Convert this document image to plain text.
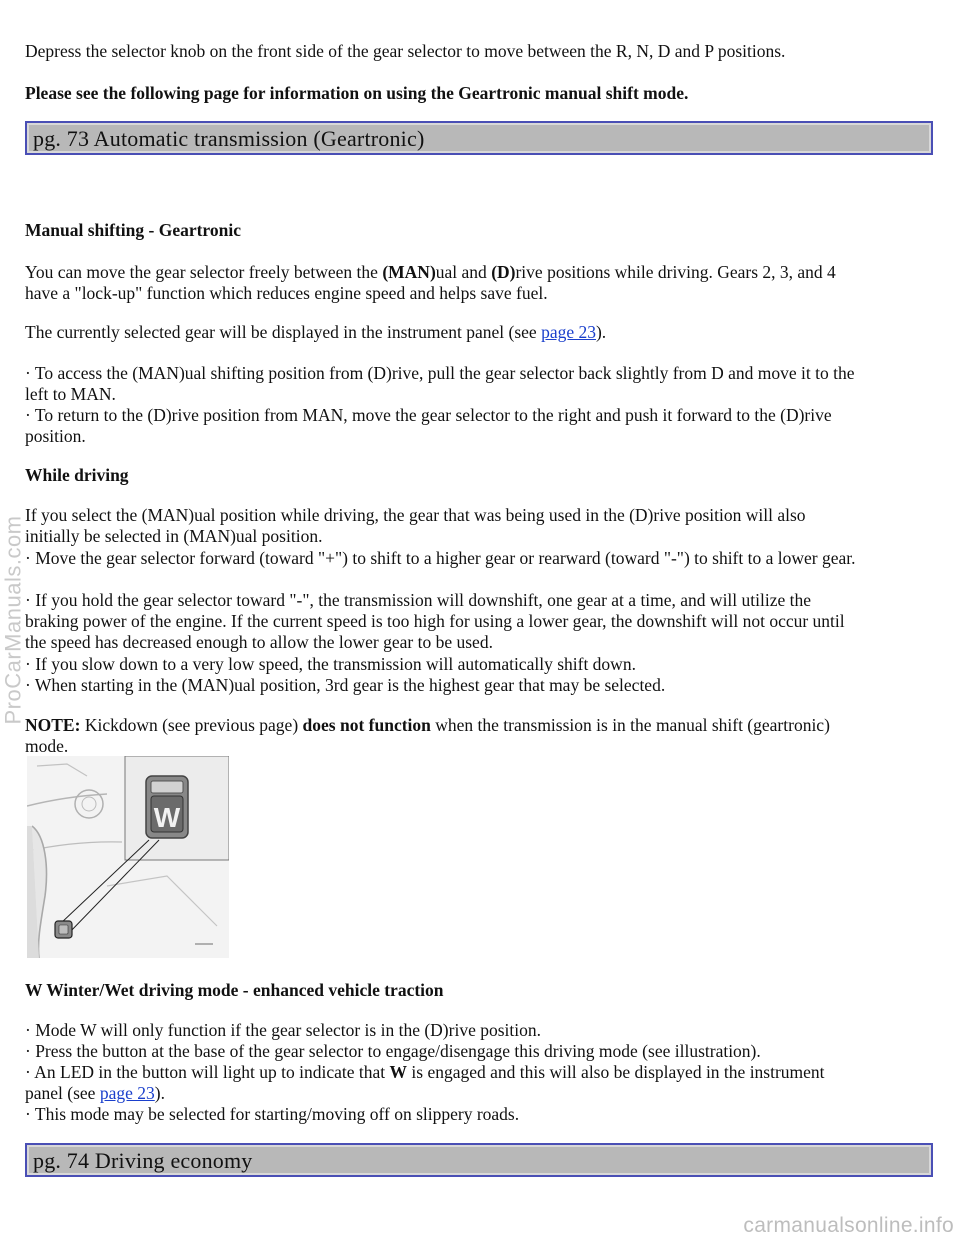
ProCarManuals.com

Depress the selector knob on the front side of the gear selector to move between the R, N, D and P positions.

Please see the following page for information on using the Geartronic manual shift mode.

pg. 73 Automatic transmission (Geartronic)

Manual shifting - Geartronic

You can move the gear selector freely between the (MAN)ual and (D)rive positions while driving. Gears 2, 3, and 4

have a "lock-up" function which reduces engine speed and helps save fuel.

The currently selected gear will be displayed in the instrument panel (see page 23).

· To access the (MAN)ual shifting position from (D)rive, pull the gear selector back slightly from D and move it to the

left to MAN.

· To return to the (D)rive position from MAN, move the gear selector to the right and push it forward to the (D)rive

position.

While driving

If you select the (MAN)ual position while driving, the gear that was being used in the (D)rive position will also

initially be selected in (MAN)ual position.

· Move the gear selector forward (toward "+") to shift to a higher gear or rearward (toward "-") to shift to a lower gear.

· If you hold the gear selector toward "-", the transmission will downshift, one gear at a time, and will utilize the

braking power of the engine. If the current speed is too high for using a lower gear, the downshift will not occur until

the speed has decreased enough to allow the lower gear to be used.

· If you slow down to a very low speed, the transmission will automatically shift down.

· When starting in the (MAN)ual position, 3rd gear is the highest gear that may be selected.

NOTE: Kickdown (see previous page) does not function when the transmission is in the manual shift (geartronic)

mode.

W Winter/Wet driving mode - enhanced vehicle traction

· Mode W will only function if the gear selector is in the (D)rive position.

· Press the button at the base of the gear selector to engage/disengage this driving mode (see illustration).

· An LED in the button will light up to indicate that W is engaged and this will also be displayed in the instrument

panel (see page 23).

· This mode may be selected for starting/moving off on slippery roads.

pg. 74 Driving economy
W
carmanualsonline.info
